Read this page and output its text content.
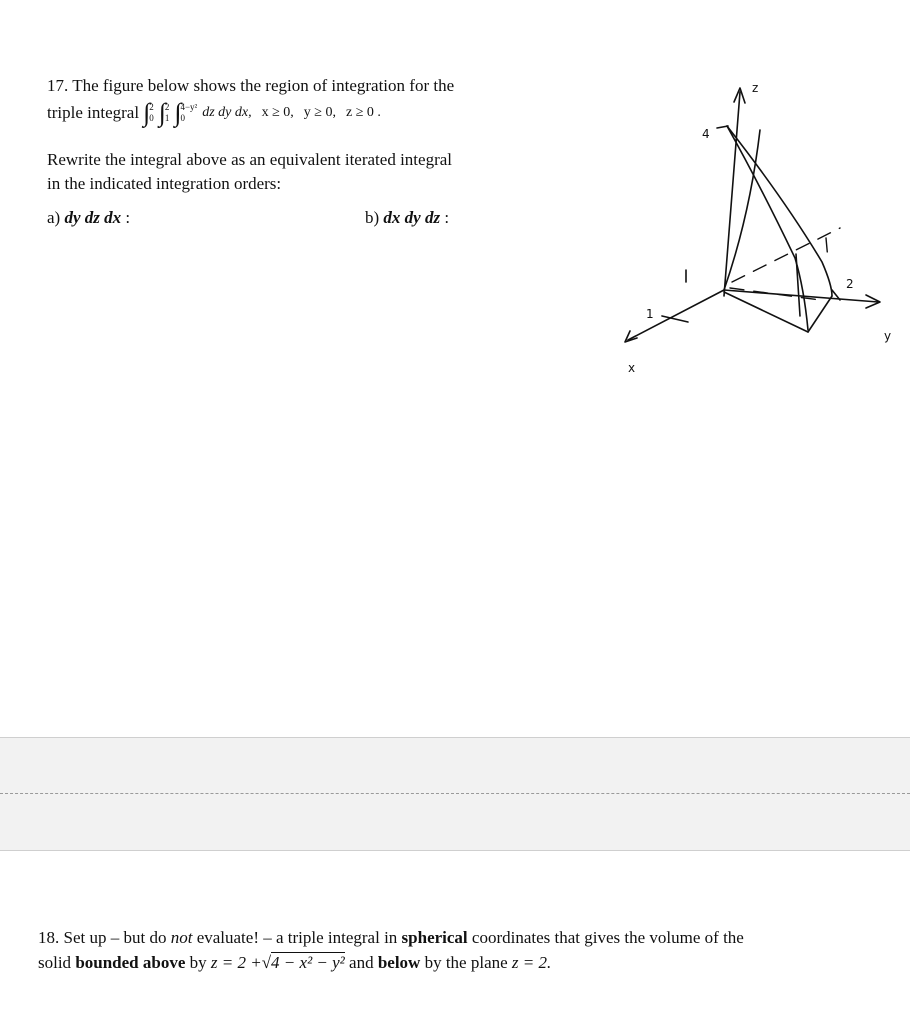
17. The figure below shows the region of integration for the
triple integral ∫ 2
0 ∫ 2
1 ∫ 4−y²
0	dz dy dx, x ≥ 0, y ≥ 0, z ≥ 0 .
Rewrite the integral above as an equivalent iterated integral
in the indicated integration orders:
a) dy dz dx :	b) dx dy dz :
z
y
x
4
2
1
18. Set up – but do not evaluate! – a triple integral in spherical coordinates that gives the volume of the
solid bounded above by z = 2 +√4 − x² − y² and below by the plane z = 2.
